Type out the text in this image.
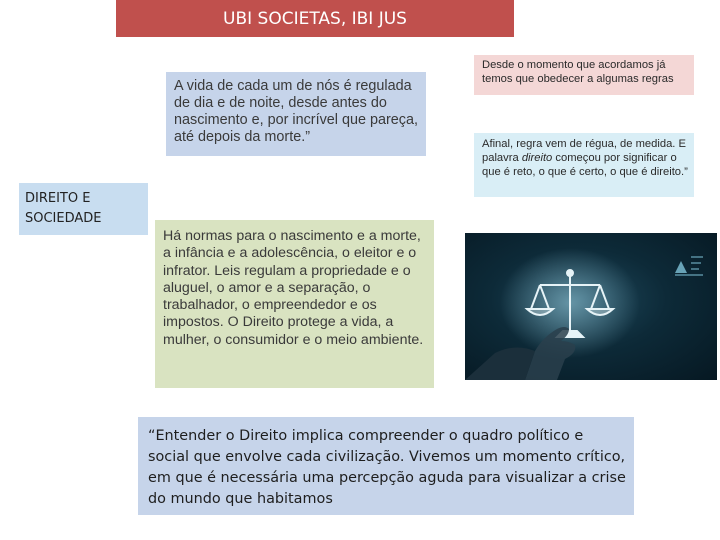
UBI SOCIETAS, IBI JUS
A vida de cada um de nós é regulada de dia e de noite, desde antes do nascimento e, por incrível que pareça, até depois da morte.”
DIREITO E
SOCIEDADE
Desde o momento que acordamos já temos que obedecer a algumas regras
Afinal, regra vem de régua, de medida. E palavra direito começou por significar o que é reto, o que é certo, o que é direito.”
Há normas para o nascimento e a morte, a infância e a adolescência, o eleitor e o infrator. Leis regulam a propriedade e o aluguel, o amor e a separação, o trabalhador, o empreendedor e os impostos. O Direito protege a vida, a mulher, o consumidor e o meio ambiente.
“Entender o Direito implica compreender o quadro político e social que envolve cada civilização. Vivemos um momento crítico, em que é necessária uma percepção aguda para visualizar a crise do mundo que habitamos
